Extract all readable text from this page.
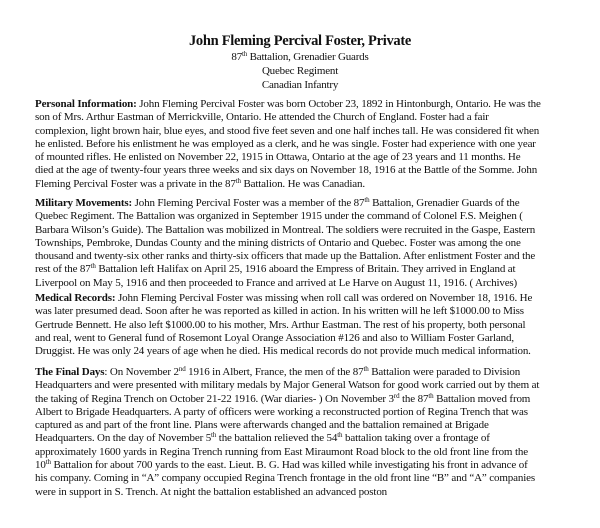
John Fleming Percival Foster, Private
87th Battalion, Grenadier Guards
Quebec Regiment
Canadian Infantry
Personal Information: John Fleming Percival Foster was born October 23, 1892 in Hintonburgh, Ontario. He was the
son of Mrs. Arthur Eastman of Merrickville, Ontario. He attended the Church of England. Foster had a fair
complexion, light brown hair, blue eyes, and stood five feet seven and one half inches tall. He was considered fit when
he enlisted. Before his enlistment he was employed as a clerk, and he was single. Foster had experience with one year
of mounted rifles. He enlisted on November 22, 1915 in Ottawa, Ontario at the age of 23 years and 11 months. He
died at the age of twenty-four years three weeks and six days on November 18, 1916 at the Battle of the Somme. John
Fleming Percival Foster was a private in the 87th Battalion. He was Canadian.
Military Movements: John Fleming Percival Foster was a member of the 87th Battalion, Grenadier Guards of the
Quebec Regiment. The Battalion was organized in September 1915 under the command of Colonel F.S. Meighen (
Barbara Wilson’s Guide). The Battalion was mobilized in Montreal. The soldiers were recruited in the Gaspe, Eastern
Townships, Pembroke, Dundas County and the mining districts of Ontario and Quebec. Foster was among the one
thousand and twenty-six other ranks and thirty-six officers that made up the Battalion. After enlistment Foster and the
rest of the 87th Battalion left Halifax on April 25, 1916 aboard the Empress of Britain. They arrived in England at
Liverpool on May 5, 1916 and then proceeded to France and arrived at Le Harve on August 11, 1916. ( Archives)
Medical Records: John Fleming Percival Foster was missing when roll call was ordered on November 18, 1916. He
was later presumed dead. Soon after he was reported as killed in action. In his written will he left $1000.00 to Miss
Gertrude Bennett. He also left $1000.00 to his mother, Mrs. Arthur Eastman. The rest of his property, both personal
and real, went to General fund of Rosemont Loyal Orange Association #126 and also to William Foster Garland,
Druggist. He was only 24 years of age when he died. His medical records do not provide much medical information.
The Final Days: On November 2nd 1916 in Albert, France, the men of the 87th Battalion were paraded to Division
Headquarters and were presented with military medals by Major General Watson for good work carried out by them at
the taking of Regina Trench on October 21-22 1916. (War diaries- ) On November 3rd the 87th Battalion moved from
Albert to Brigade Headquarters. A party of officers were working a reconstructed portion of Regina Trench that was
captured as and part of the front line. Plans were afterwards changed and the battalion remained at Brigade
Headquarters. On the day of November 5th the battalion relieved the 54th battalion taking over a frontage of
approximately 1600 yards in Regina Trench running from East Miraumont Road block to the old front line from the
10th Battalion for about 700 yards to the east. Lieut. B. G. Had was killed while investigating his front in advance of
his company. Coming in “A” company occupied Regina Trench frontage in the old front line “B” and “A” companies
were in support in S. Trench. At night the battalion established an advanced poston
